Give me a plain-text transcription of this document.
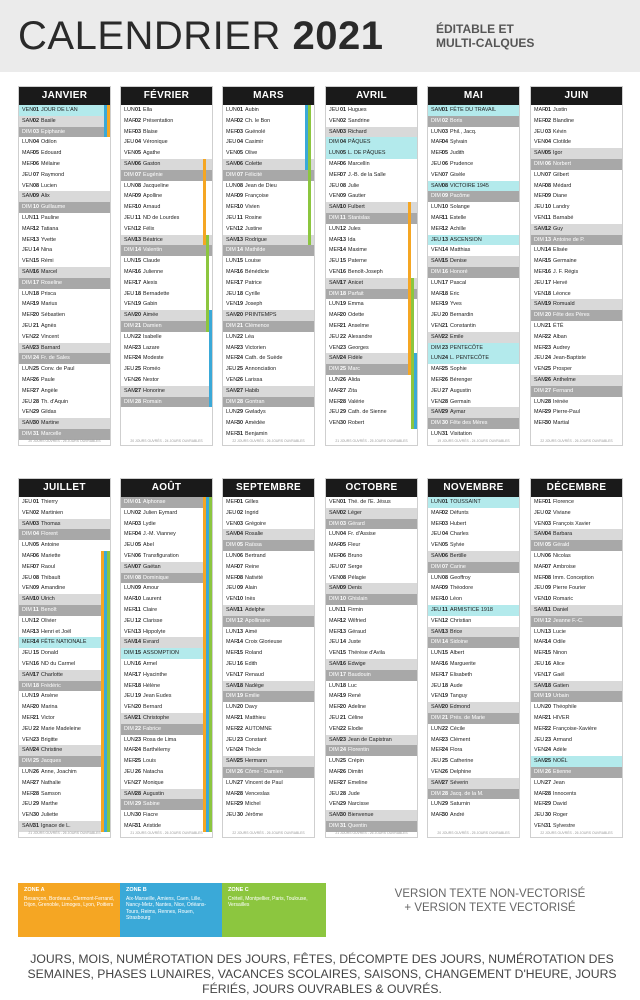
CALENDRIER 2021	ÉDITABLE ET
MULTI-CALQUES
JANVIER
VEN01 JOUR DE L'AN
SAM02 Basile
DIM03 Epiphanie
LUN04 Odilon
MAR05 Edouard
MER06 Mélaine
JEU07 Raymond
VEN08 Lucien
SAM09 Alix
DIM10 Guillaume
LUN11 Pauline
MAR12 Tatiana
MER13 Yvette
JEU14 Nina
VEN15 Rémi
SAM16 Marcel
DIM17 Roseline
LUN18 Prisca
MAR19 Marius
MER20 Sébastien
JEU21 Agnès
VEN22 Vincent
SAM23 Barnard
DIM24 Fr. de Sales
LUN25 Conv. de Paul
MAR26 Paule
MER27 Angèle
JEU28 Th. d'Aquin
VEN29 Gildas
SAM30 Martine
DIM31 Marcelle
20 JOURS OUVRÉS - 25 JOURS OUVRABLES
FÉVRIER
LUN01 Ella
MAR02 Présentation
MER03 Blaise
JEU04 Véronique
VEN05 Agathe
SAM06 Gaston
DIM07 Eugénie
LUN08 Jacqueline
MAR09 Apolline
MER10 Arnaud
JEU11 ND de Lourdes
VEN12 Félix
SAM13 Béatrice
DIM14 Valentin
LUN15 Claude
MAR16 Julienne
MER17 Alexis
JEU18 Bernadette
VEN19 Gabin
SAM20 Aimée
DIM21 Damien
LUN22 Isabelle
MAR23 Lazare
MER24 Modeste
JEU25 Roméo
VEN26 Nestor
SAM27 Honorine
DIM28 Romain
20 JOURS OUVRÉS - 24 JOURS OUVRABLES
MARS
LUN01 Aubin
MAR02 Ch. le Bon
MER03 Guénolé
JEU04 Casimir
VEN05 Olive
SAM06 Colette
DIM07 Félicité
LUN08 Jean de Dieu
MAR09 Françoise
MER10 Vivien
JEU11 Rosine
VEN12 Justine
SAM13 Rodrigue
DIM14 Mathilde
LUN15 Louise
MAR16 Bénédicte
MER17 Patrice
JEU18 Cyrille
VEN19 Joseph
SAM20 PRINTEMPS
DIM21 Clémence
LUN22 Léa
MAR23 Victorien
MER24 Cath. de Suède
JEU25 Annonciation
VEN26 Larissa
SAM27 Habib
DIM28 Gontran
LUN29 Gwladys
MAR30 Amédée
MER31 Benjamin
22 JOURS OUVRÉS - 26 JOURS OUVRABLES
AVRIL
JEU01 Hugues
VEN02 Sandrine
SAM03 Richard
DIM04 PÂQUES
LUN05 L. DE PÂQUES
MAR06 Marcellin
MER07 J.-B. de la Salle
JEU08 Julie
VEN09 Gautier
SAM10 Fulbert
DIM11 Stanislas
LUN12 Jules
MAR13 Ida
MER14 Maxime
JEU15 Paterne
VEN16 Benoît-Joseph
SAM17 Anicet
DIM18 Parfait
LUN19 Emma
MAR20 Odette
MER21 Anselme
JEU22 Alexandre
VEN23 Georges
SAM24 Fidèle
DIM25 Marc
LUN26 Alida
MAR27 Zita
MER28 Valérie
JEU29 Cath. de Sienne
VEN30 Robert
21 JOURS OUVRÉS - 25 JOURS OUVRABLES
MAI
SAM01 FÊTE DU TRAVAIL
DIM02 Boris
LUN03 Phil., Jacq.
MAR04 Sylvain
MER05 Judith
JEU06 Prudence
VEN07 Gisèle
SAM08 VICTOIRE 1945
DIM09 Pacôme
LUN10 Solange
MAR11 Estelle
MER12 Achille
JEU13 ASCENSION
VEN14 Matthias
SAM15 Denise
DIM16 Honoré
LUN17 Pascal
MAR18 Eric
MER19 Yves
JEU20 Bernardin
VEN21 Constantin
SAM22 Emile
DIM23 PENTECÔTE
LUN24 L. PENTECÔTE
MAR25 Sophie
MER26 Bérenger
JEU27 Augustin
VEN28 Germain
SAM29 Aymar
DIM30 Fête des Mères
LUN31 Visitation
19 JOURS OUVRÉS - 24 JOURS OUVRABLES
JUIN
MAR01 Justin
MER02 Blandine
JEU03 Kévin
VEN04 Clotilde
SAM05 Igor
DIM06 Norbert
LUN07 Gilbert
MAR08 Médard
MER09 Diane
JEU10 Landry
VEN11 Barnabé
SAM12 Guy
DIM13 Antoine de P.
LUN14 Elisée
MAR15 Germaine
MER16 J. F. Régis
JEU17 Hervé
VEN18 Léonce
SAM19 Romuald
DIM20 Fête des Pères
LUN21 ÉTÉ
MAR22 Alban
MER23 Audrey
JEU24 Jean-Baptiste
VEN25 Prosper
SAM26 Anthelme
DIM27 Fernand
LUN28 Irénée
MAR29 Pierre-Paul
MER30 Martial
22 JOURS OUVRÉS - 26 JOURS OUVRABLES
JUILLET
JEU01 Thierry
VEN02 Martinien
SAM03 Thomas
DIM04 Florent
LUN05 Antoine
MAR06 Mariette
MER07 Raoul
JEU08 Thibault
VEN09 Amandine
SAM10 Ulrich
DIM11 Benoît
LUN12 Olivier
MAR13 Henri et Joël
MER14 FÊTE NATIONALE
JEU15 Donald
VEN16 ND du Carmel
SAM17 Charlotte
DIM18 Frédéric
LUN19 Arsène
MAR20 Marina
MER21 Victor
JEU22 Marie Madeleine
VEN23 Brigitte
SAM24 Christine
DIM25 Jacques
LUN26 Anne, Joachim
MAR27 Nathalie
MER28 Samson
JEU29 Marthe
VEN30 Juliette
SAM31 Ignace de L.
21 JOURS OUVRÉS - 26 JOURS OUVRABLES
AOÛT
DIM01 Alphonse
LUN02 Julien Eymard
MAR03 Lydie
MER04 J.-M. Vianney
JEU05 Abel
VEN06 Transfiguration
SAM07 Gaétan
DIM08 Dominique
LUN09 Amour
MAR10 Laurent
MER11 Claire
JEU12 Clarisse
VEN13 Hippolyte
SAM14 Evrard
DIM15 ASSOMPTION
LUN16 Armel
MAR17 Hyacinthe
MER18 Hélène
JEU19 Jean Eudes
VEN20 Bernard
SAM21 Christophe
DIM22 Fabrice
LUN23 Rosa de Lima
MAR24 Barthélemy
MER25 Louis
JEU26 Natacha
VEN27 Monique
SAM28 Augustin
DIM29 Sabine
LUN30 Fiacre
MAR31 Aristide
21 JOURS OUVRÉS - 26 JOURS OUVRABLES
SEPTEMBRE
MER01 Gilles
JEU02 Ingrid
VEN03 Grégoire
SAM04 Rosalie
DIM05 Raïssa
LUN06 Bertrand
MAR07 Reine
MER08 Nativité
JEU09 Alain
VEN10 Inès
SAM11 Adelphe
DIM12 Apollinaire
LUN13 Aimé
MAR14 Croix Glorieuse
MER15 Roland
JEU16 Edith
VEN17 Renaud
SAM18 Nadège
DIM19 Emilie
LUN20 Davy
MAR21 Matthieu
MER22 AUTOMNE
JEU23 Constant
VEN24 Thècle
SAM25 Hermann
DIM26 Côme - Damien
LUN27 Vincent de Paul
MAR28 Venceslas
MER29 Michel
JEU30 Jérôme
22 JOURS OUVRÉS - 26 JOURS OUVRABLES
OCTOBRE
VEN01 Thé. de l'E. Jésus
SAM02 Léger
DIM03 Gérard
LUN04 Fr. d'Assise
MAR05 Fleur
MER06 Bruno
JEU07 Serge
VEN08 Pélagie
SAM09 Denis
DIM10 Ghislain
LUN11 Firmin
MAR12 Wilfried
MER13 Géraud
JEU14 Juste
VEN15 Thérèse d'Avila
SAM16 Edwige
DIM17 Baudouin
LUN18 Luc
MAR19 René
MER20 Adeline
JEU21 Céline
VEN22 Elodie
SAM23 Jean de Capistran
DIM24 Florentin
LUN25 Crépin
MAR26 Dimitri
MER27 Emeline
JEU28 Jude
VEN29 Narcisse
SAM30 Bienvenue
DIM31 Quentin
21 JOURS OUVRÉS - 26 JOURS OUVRABLES
NOVEMBRE
LUN01 TOUSSAINT
MAR02 Défunts
MER03 Hubert
JEU04 Charles
VEN05 Sylvie
SAM06 Bertille
DIM07 Carine
LUN08 Geoffroy
MAR09 Théodore
MER10 Léon
JEU11 ARMISTICE 1918
VEN12 Christian
SAM13 Brice
DIM14 Sidoine
LUN15 Albert
MAR16 Marguerite
MER17 Elisabeth
JEU18 Aude
VEN19 Tanguy
SAM20 Edmond
DIM21 Prés. de Marie
LUN22 Cécile
MAR23 Clément
MER24 Flora
JEU25 Catherine
VEN26 Delphine
SAM27 Séverin
DIM28 Jacq. de la M.
LUN29 Saturnin
MAR30 André
20 JOURS OUVRÉS - 25 JOURS OUVRABLES
DÉCEMBRE
MER01 Florence
JEU02 Viviane
VEN03 François Xavier
SAM04 Barbara
DIM05 Gérald
LUN06 Nicolas
MAR07 Ambroise
MER08 Imm. Conception
JEU09 Pierre Fourier
VEN10 Romaric
SAM11 Daniel
DIM12 Jeanne F.-C.
LUN13 Lucie
MAR14 Odile
MER15 Ninon
JEU16 Alice
VEN17 Gaël
SAM18 Gatien
DIM19 Urbain
LUN20 Théophile
MAR21 HIVER
MER22 Françoise-Xavière
JEU23 Armand
VEN24 Adèle
SAM25 NOËL
DIM26 Etienne
LUN27 Jean
MAR28 Innocents
MER29 David
JEU30 Roger
VEN31 Sylvestre
22 JOURS OUVRÉS - 26 JOURS OUVRABLES
ZONE A
Besançon, Bordeaux, Clermont-Ferrand, Dijon, Grenoble, Limoges, Lyon, Poitiers
ZONE B
Aix-Marseille, Amiens, Caen, Lille, Nancy-Metz, Nantes, Nice, Orléans-Tours, Reims, Rennes, Rouen, Strasbourg
ZONE C
Créteil, Montpellier, Paris, Toulouse, Versailles
VERSION TEXTE NON-VECTORISÉ
+ VERSION TEXTE VECTORISÉ
JOURS, MOIS, NUMÉROTATION DES JOURS, FÊTES, DÉCOMPTE DES JOURS, NUMÉROTATION DES SEMAINES, PHASES LUNAIRES, VACANCES SCOLAIRES, SAISONS, CHANGEMENT D'HEURE, JOURS FÉRIÉS, JOURS OUVRABLES & OUVRÉS.
